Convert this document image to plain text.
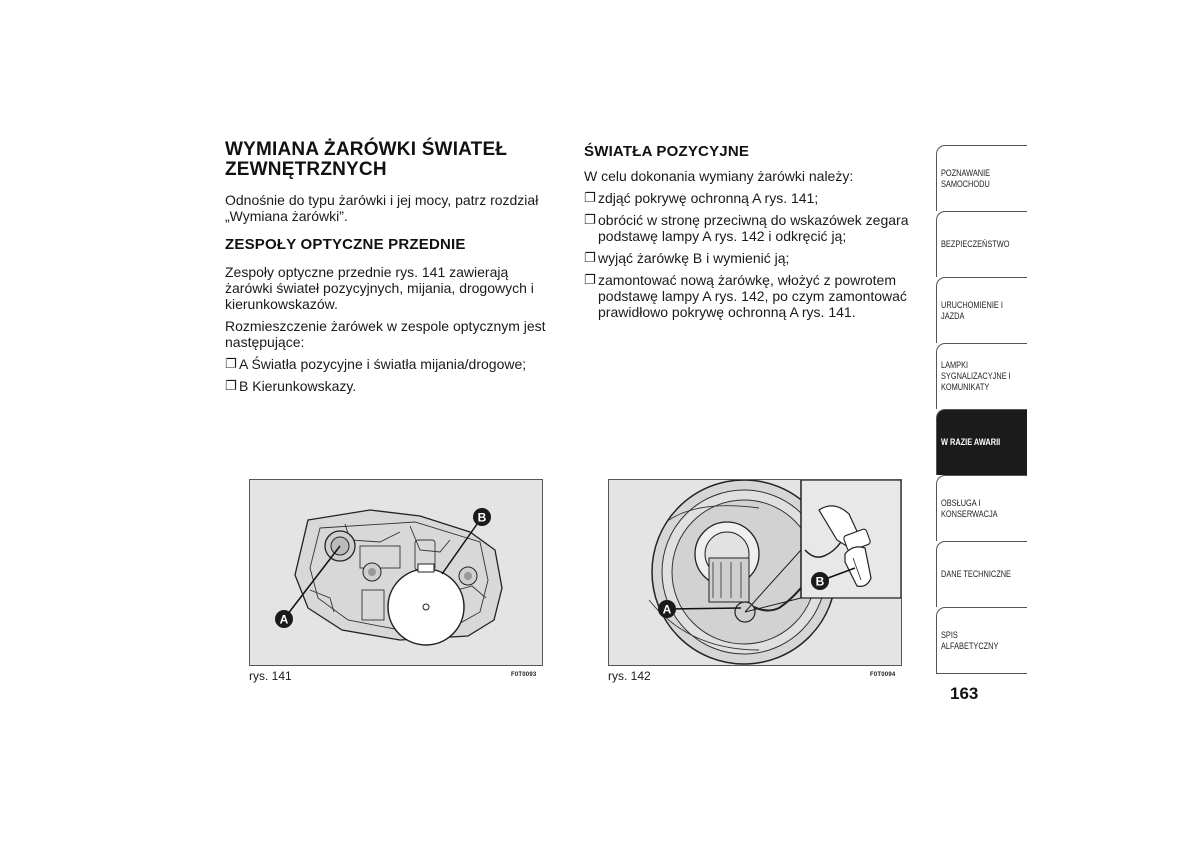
WYMIANA ŻARÓWKI ŚWIATEŁ ZEWNĘTRZNYCH

Odnośnie do typu żarówki i jej mocy, patrz rozdział „Wymiana żarówki”.

ZESPOŁY OPTYCZNE PRZEDNIE

Zespoły optyczne przednie rys. 141 zawierają żarówki świateł pozycyjnych, mijania, drogowych i kierunkowskazów.

Rozmieszczenie żarówek w zespole optycznym jest następujące:

❐ A Światła pozycyjne i światła mijania/drogowe;
❐ B Kierunkowskazy.
ŚWIATŁA POZYCYJNE

W celu dokonania wymiany żarówki należy:

❐ zdjąć pokrywę ochronną A rys. 141;
❐ obrócić w stronę przeciwną do wskazówek zegara podstawę lampy A rys. 142 i odkręcić ją;
❐ wyjąć żarówkę B i wymienić ją;
❐ zamontować nową żarówkę, włożyć z powrotem podstawę lampy A rys. 142, po czym zamontować prawidłowo pokrywę ochronną A rys. 141.
A
B
rys. 141	F0T0093
A
B
rys. 142	F0T0094
POZNAWANIE SAMOCHODU
BEZPIECZEŃSTWO
URUCHOMIENIE I JAZDA
LAMPKI SYGNALIZACYJNE I KOMUNIKATY
W RAZIE AWARII
OBSŁUGA I KONSERWACJA
DANE TECHNICZNE
SPIS ALFABETYCZNY
163
